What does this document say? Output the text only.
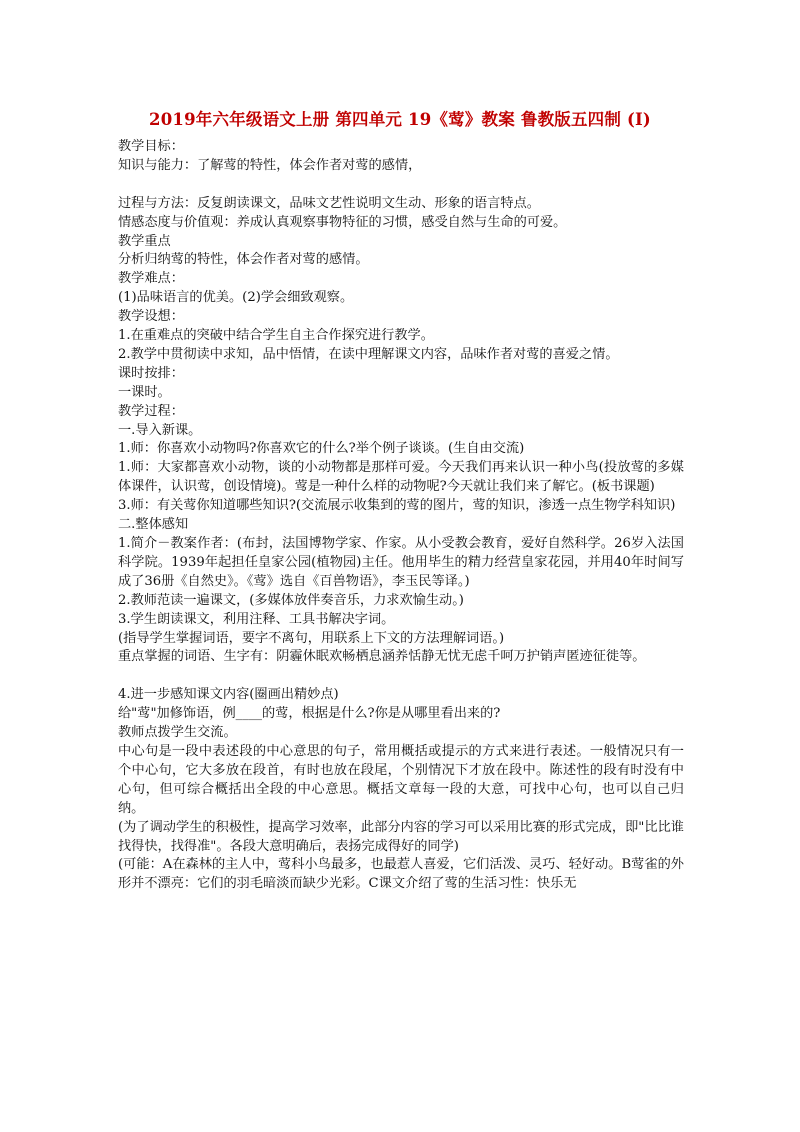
2019年六年级语文上册 第四单元 19《莺》教案 鲁教版五四制 (I)
教学目标：
知识与能力：了解莺的特性，体会作者对莺的感情，
过程与方法：反复朗读课文，品味文艺性说明文生动、形象的语言特点。
情感态度与价值观：养成认真观察事物特征的习惯，感受自然与生命的可爱。
教学重点
分析归纳莺的特性，体会作者对莺的感情。
教学难点：
(1)品味语言的优美。(2)学会细致观察。
教学设想：
1.在重难点的突破中结合学生自主合作探究进行教学。
2.教学中贯彻读中求知，品中悟情，在读中理解课文内容，品味作者对莺的喜爱之情。
课时按排：
一课时。
教学过程：
一.导入新课。
1.师：你喜欢小动物吗?你喜欢它的什么?举个例子谈谈。(生自由交流)
1.师：大家都喜欢小动物，谈的小动物都是那样可爱。今天我们再来认识一种小鸟(投放莺的多媒体课件，认识莺，创设情境)。莺是一种什么样的动物呢?今天就让我们来了解它。(板书课题)
3.师：有关莺你知道哪些知识?(交流展示收集到的莺的图片，莺的知识，渗透一点生物学科知识)
二.整体感知
1.简介－教案作者：(布封，法国博物学家、作家。从小受教会教育，爱好自然科学。26岁入法国科学院。1939年起担任皇家公园(植物园)主任。他用毕生的精力经营皇家花园，并用40年时间写成了36册《自然史》。《莺》选自《百兽物语》，李玉民等译。)
2.教师范读一遍课文，(多媒体放伴奏音乐，力求欢愉生动。)
3.学生朗读课文，利用注释、工具书解决字词。
(指导学生掌握词语，要字不离句，用联系上下文的方法理解词语。)
重点掌握的词语、生字有：阴霾休眠欢畅栖息涵养恬静无忧无虑千呵万护销声匿迹征徙等。
4.进一步感知课文内容(圈画出精妙点)
给"莺"加修饰语，例____的莺，根据是什么?你是从哪里看出来的?
教师点拨学生交流。
中心句是一段中表述段的中心意思的句子，常用概括或提示的方式来进行表述。一般情况只有一个中心句，它大多放在段首，有时也放在段尾，个别情况下才放在段中。陈述性的段有时没有中心句，但可综合概括出全段的中心意思。概括文章每一段的大意，可找中心句，也可以自己归纳。
(为了调动学生的积极性，提高学习效率，此部分内容的学习可以采用比赛的形式完成，即"比比谁找得快，找得准"。各段大意明确后，表扬完成得好的同学)
(可能：A在森林的主人中，莺科小鸟最多，也最惹人喜爱，它们活泼、灵巧、轻好动。B莺雀的外形并不漂亮：它们的羽毛暗淡而缺少光彩。C课文介绍了莺的生活习性：快乐无
